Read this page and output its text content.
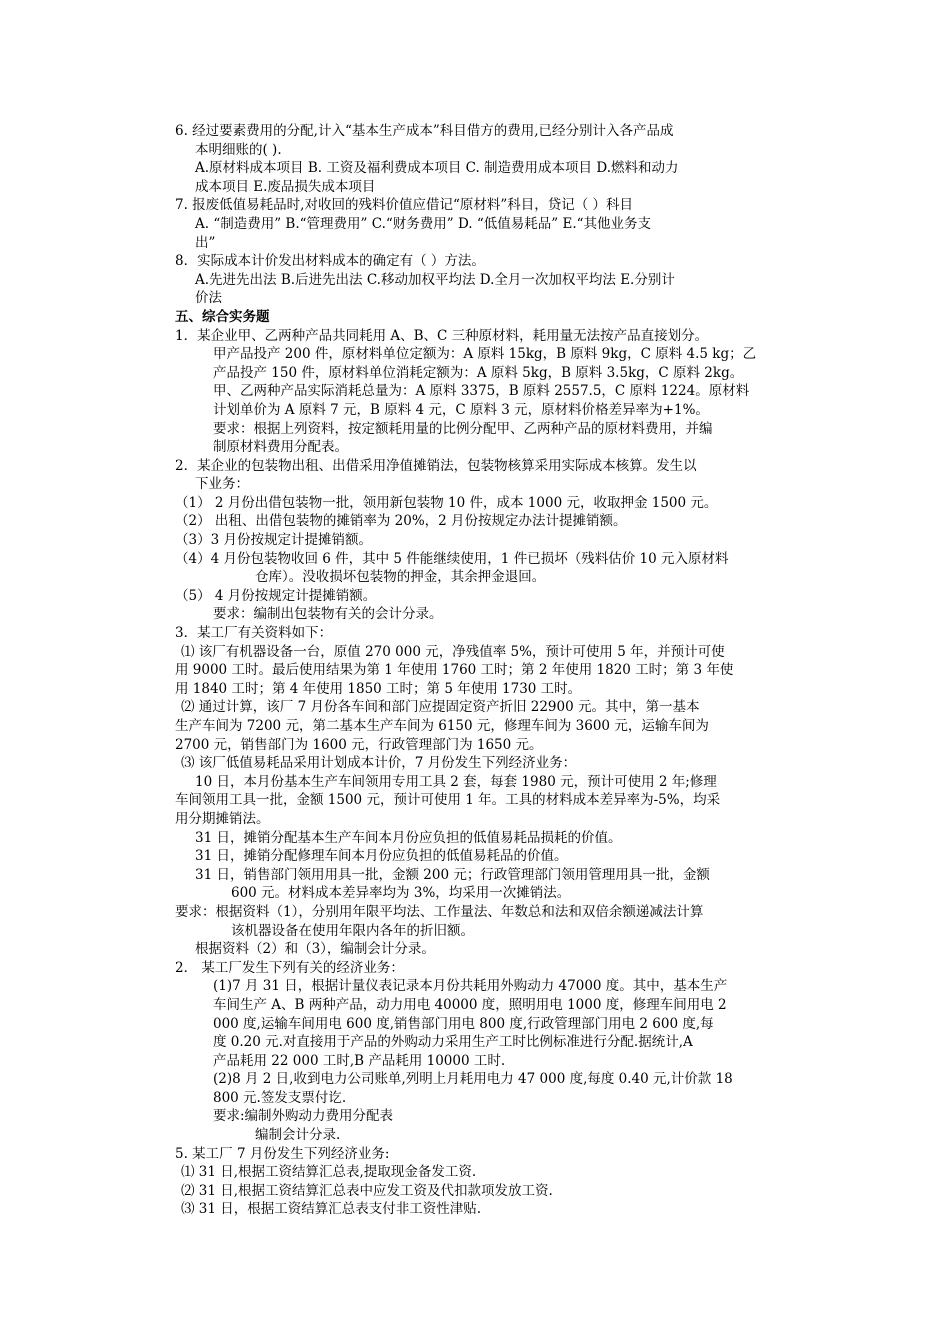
6. 经过要素费用的分配,计入“基本生产成本”科目借方的费用,已经分别计入各产品成
本明细账的( ).
A.原材料成本项目 B. 工资及福利费成本项目 C. 制造费用成本项目 D.燃料和动力
成本项目 E.废品损失成本项目
7. 报废低值易耗品时,对收回的残料价值应借记“原材料”科目，贷记（ ）科目
A. “制造费用” B.“管理费用” C.“财务费用” D. “低值易耗品” E.“其他业务支
出”
8．实际成本计价发出材料成本的确定有（ ）方法。
A.先进先出法 B.后进先出法 C.移动加权平均法 D.全月一次加权平均法 E.分别计
价法
五、综合实务题
1．某企业甲、乙两种产品共同耗用 A、B、C 三种原材料，耗用量无法按产品直接划分。
甲产品投产 200 件，原材料单位定额为：A 原料 15kg，B 原料 9kg，C 原料 4.5 kg；乙
产品投产 150 件，原材料单位消耗定额为：A 原料 5kg，B 原料 3.5kg，C 原料 2kg。
甲、乙两种产品实际消耗总量为：A 原料 3375，B 原料 2557.5，C 原料 1224。原材料
计划单价为 A 原料 7 元，B 原料 4 元，C 原料 3 元，原材料价格差异率为+1%。
要求：根据上列资料，按定额耗用量的比例分配甲、乙两种产品的原材料费用，并编
制原材料费用分配表。
2．某企业的包装物出租、出借采用净值摊销法，包装物核算采用实际成本核算。发生以
下业务：
（1） 2 月份出借包装物一批，领用新包装物 10 件，成本 1000 元，收取押金 1500 元。
（2） 出租、出借包装物的摊销率为 20%，2 月份按规定办法计提摊销额。
（3）3 月份按规定计提摊销额。
（4）4 月份包装物收回 6 件，其中 5 件能继续使用，1 件已损坏（残料估价 10 元入原材料
仓库）。没收损坏包装物的押金，其余押金退回。
（5） 4 月份按规定计提摊销额。
要求：编制出包装物有关的会计分录。
3．某工厂有关资料如下：
⑴ 该厂有机器设备一台，原值 270 000 元，净残值率 5%，预计可使用 5 年，并预计可使
用 9000 工时。最后使用结果为第 1 年使用 1760 工时；第 2 年使用 1820 工时；第 3 年使
用 1840 工时；第 4 年使用 1850 工时；第 5 年使用 1730 工时。
⑵ 通过计算，该厂 7 月份各车间和部门应提固定资产折旧 22900 元。其中，第一基本
生产车间为 7200 元，第二基本生产车间为 6150 元，修理车间为 3600 元，运输车间为
2700 元，销售部门为 1600 元，行政管理部门为 1650 元。
⑶ 该厂低值易耗品采用计划成本计价，7 月份发生下列经济业务：
10 日，本月份基本生产车间领用专用工具 2 套，每套 1980 元，预计可使用 2 年;修理
车间领用工具一批，金额 1500 元，预计可使用 1 年。工具的材料成本差异率为-5%，均采
用分期摊销法。
31 日，摊销分配基本生产车间本月份应负担的低值易耗品损耗的价值。
31 日，摊销分配修理车间本月份应负担的低值易耗品的价值。
31 日，销售部门领用用具一批，金额 200 元；行政管理部门领用管理用具一批，金额
600 元。材料成本差异率均为 3%，均采用一次摊销法。
要求：根据资料（1），分别用年限平均法、工作量法、年数总和法和双倍余额递减法计算
该机器设备在使用年限内各年的折旧额。
根据资料（2）和（3），编制会计分录。
2． 某工厂发生下列有关的经济业务：
(1)7 月 31 日，根据计量仪表记录本月份共耗用外购动力 47000 度。其中，基本生产
车间生产 A、B 两种产品，动力用电 40000 度，照明用电 1000 度，修理车间用电 2
000 度,运输车间用电 600 度,销售部门用电 800 度,行政管理部门用电 2 600 度,每
度 0.20 元.对直接用于产品的外购动力采用生产工时比例标准进行分配.据统计,A
产品耗用 22 000 工时,B 产品耗用 10000 工时.
(2)8 月 2 日,收到电力公司账单,列明上月耗用电力 47 000 度,每度 0.40 元,计价款 18
800 元.签发支票付讫.
要求:编制外购动力费用分配表
编制会计分录.
5. 某工厂 7 月份发生下列经济业务:
⑴ 31 日,根据工资结算汇总表,提取现金备发工资.
⑵ 31 日,根据工资结算汇总表中应发工资及代扣款项发放工资.
⑶ 31 日，根据工资结算汇总表支付非工资性津贴.
